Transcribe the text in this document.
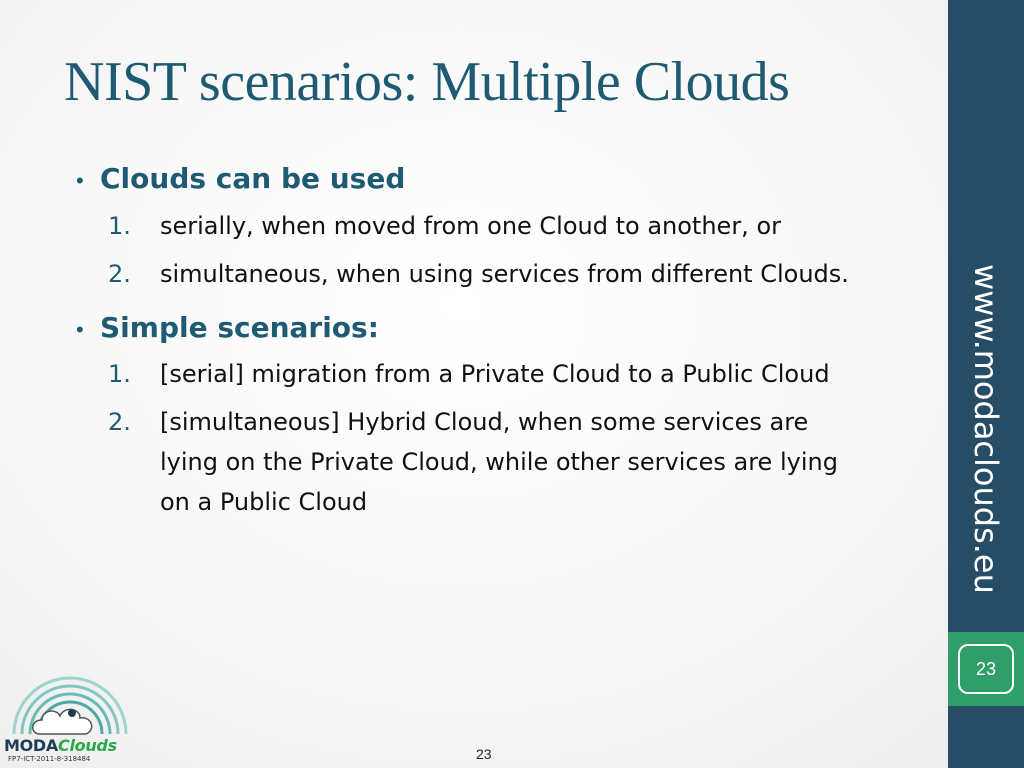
NIST scenarios: Multiple Clouds
• Clouds can be used
1.	serially, when moved from one Cloud to another, or
2.	simultaneous, when using services from different Clouds.
• Simple scenarios:
1.	[serial] migration from a Private Cloud to a Public Cloud
2.	[simultaneous] Hybrid Cloud, when some services are lying on the Private Cloud, while other services are lying on a Public Cloud	www.modaclouds.eu
23
MODAClouds
FP7-ICT-2011-8-318484	23
